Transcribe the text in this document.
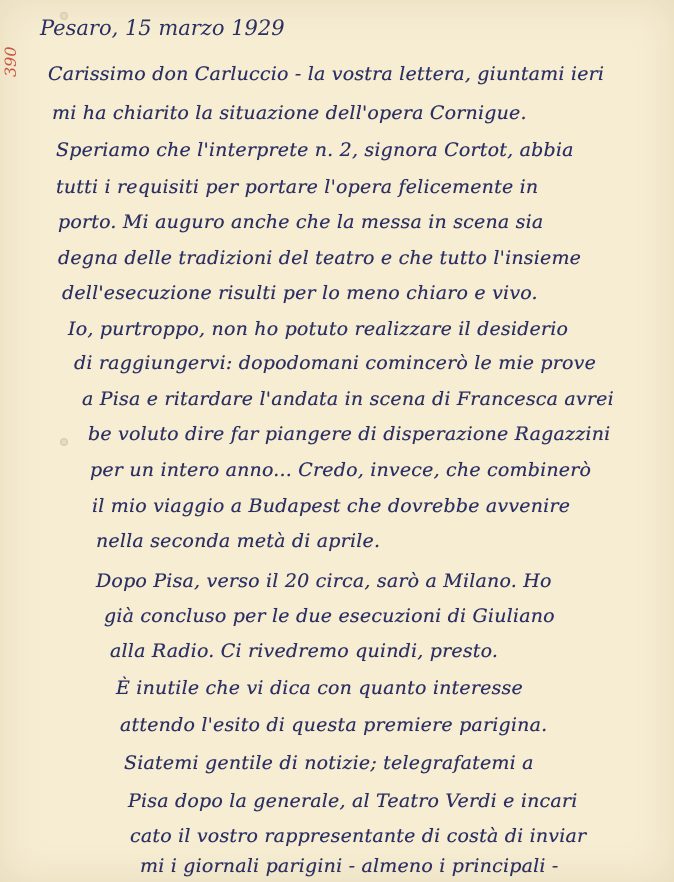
390
Pesaro, 15 marzo 1929
Carissimo don Carluccio - la vostra lettera, giuntami ieri
mi ha chiarito la situazione dell'opera Cornigue.
Speriamo che l'interprete n. 2, signora Cortot, abbia
tutti i requisiti per portare l'opera felicemente in
porto. Mi auguro anche che la messa in scena sia
degna delle tradizioni del teatro e che tutto l'insieme
dell'esecuzione risulti per lo meno chiaro e vivo.
Io, purtroppo, non ho potuto realizzare il desiderio
di raggiungervi: dopodomani comincerò le mie prove
a Pisa e ritardare l'andata in scena di Francesca avrei
be voluto dire far piangere di disperazione Ragazzini
per un intero anno... Credo, invece, che combinerò
il mio viaggio a Budapest che dovrebbe avvenire
nella seconda metà di aprile.
Dopo Pisa, verso il 20 circa, sarò a Milano. Ho
già concluso per le due esecuzioni di Giuliano
alla Radio. Ci rivedremo quindi, presto.
È inutile che vi dica con quanto interesse
attendo l'esito di questa premiere parigina.
Siatemi gentile di notizie; telegrafatemi a
Pisa dopo la generale, al Teatro Verdi e incari
cato il vostro rappresentante di costà di inviar
mi i giornali parigini - almeno i principali -
